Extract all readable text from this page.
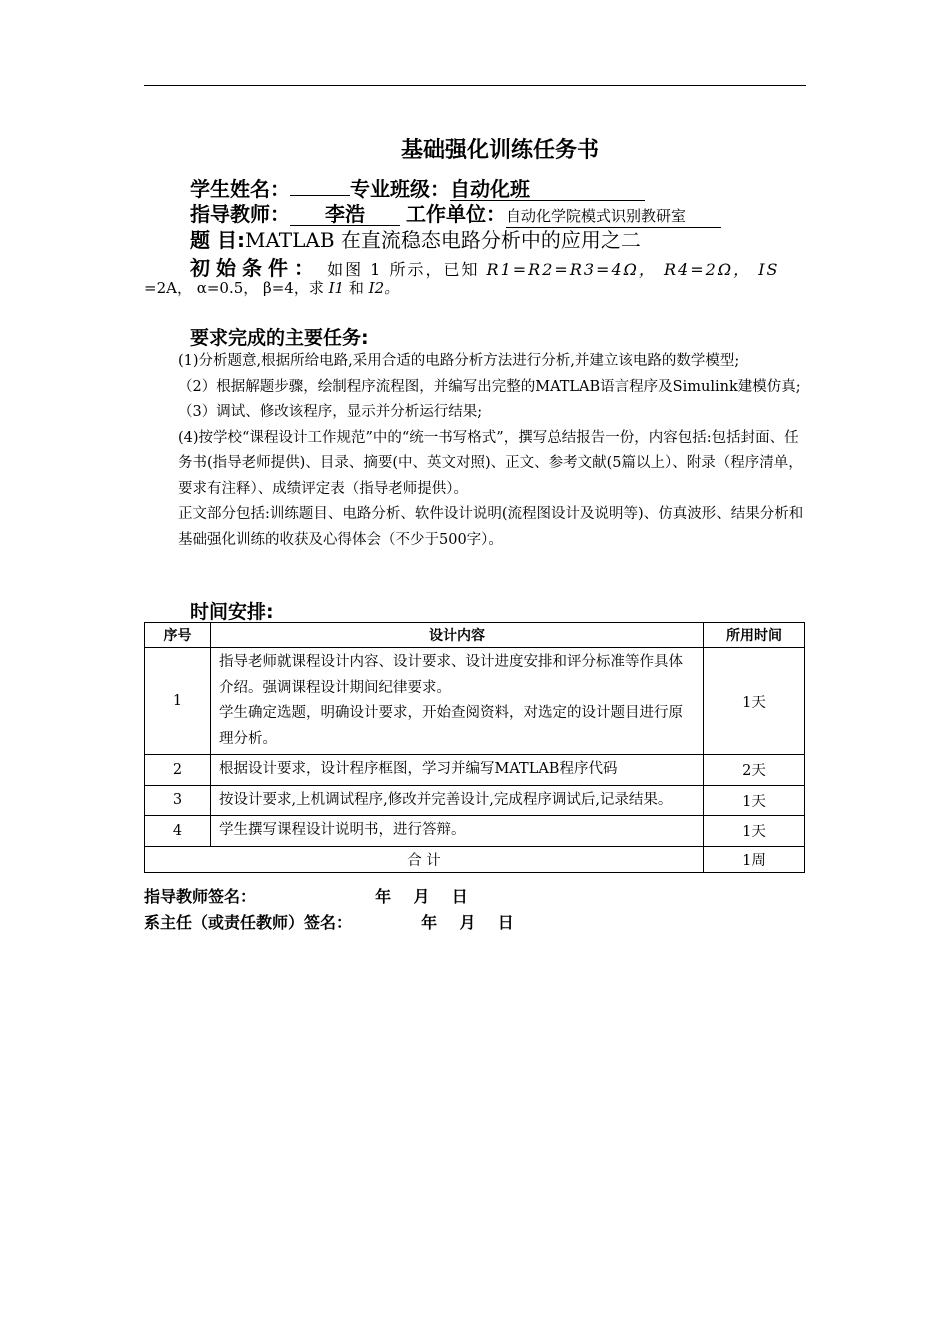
基础强化训练任务书
学生姓名：	专业班级：自动化班
指导教师： 李浩 工作单位：自动化学院模式识别教研室
题 目:MATLAB 在直流稳态电路分析中的应用之二
初始条件： 如图 1 所示，已知 R1=R2=R3=4Ω， R4=2Ω， IS
=2A， α=0.5， β=4，求 I1 和 I2。
要求完成的主要任务:

(1)分析题意,根据所给电路,采用合适的电路分析方法进行分析,并建立该电路的数学模型;

（2）根据解题步骤，绘制程序流程图，并编写出完整的MATLAB语言程序及Simulink建模仿真;

（3）调试、修改该程序，显示并分析运行结果;

(4)按学校“课程设计工作规范”中的“统一书写格式”，撰写总结报告一份，内容包括:包括封面、任务书(指导老师提供)、目录、摘要(中、英文对照)、正文、参考文献(5篇以上）、附录（程序清单，要求有注释）、成绩评定表（指导老师提供）。

正文部分包括:训练题目、电路分析、软件设计说明(流程图设计及说明等)、仿真波形、结果分析和基础强化训练的收获及心得体会（不少于500字）。

时间安排:
序号	设计内容	所用时间
1	指导老师就课程设计内容、设计要求、设计进度安排和评分标准等作具体介绍。强调课程设计期间纪律要求。
学生确定选题，明确设计要求，开始查阅资料，对选定的设计题目进行原理分析。	1天
2	根据设计要求，设计程序框图，学习并编写MATLAB程序代码	2天
3	按设计要求,上机调试程序,修改并完善设计,完成程序调试后,记录结果。	1天
4	学生撰写课程设计说明书，进行答辩。	1天
合 计		1周
指导教师签名：	年    月    日
系主任（或责任教师）签名：	年    月    日
